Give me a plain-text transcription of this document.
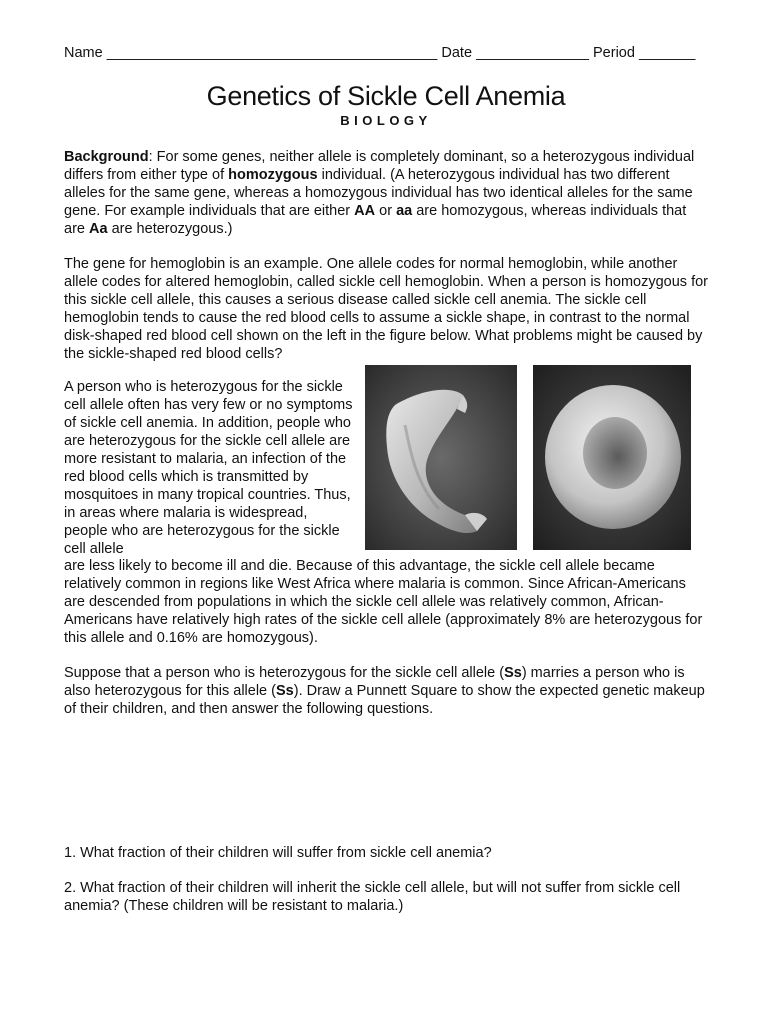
Name _________________________________________ Date ______________ Period _______
Genetics of Sickle Cell Anemia
BIOLOGY

Background: For some genes, neither allele is completely dominant, so a heterozygous individual differs from either type of homozygous individual. (A heterozygous individual has two different alleles for the same gene, whereas a homozygous individual has two identical alleles for the same gene. For example individuals that are either AA or aa are homozygous, whereas individuals that are Aa are heterozygous.)

The gene for hemoglobin is an example. One allele codes for normal hemoglobin, while another allele codes for altered hemoglobin, called sickle cell hemoglobin. When a person is homozygous for this sickle cell allele, this causes a serious disease called sickle cell anemia. The sickle cell hemoglobin tends to cause the red blood cells to assume a sickle shape, in contrast to the normal disk-shaped red blood cell shown on the left in the figure below. What problems might be caused by the sickle-shaped red blood cells?

A person who is heterozygous for the sickle cell allele often has very few or no symptoms of sickle cell anemia. In addition, people who are heterozygous for the sickle cell allele are more resistant to malaria, an infection of the red blood cells which is transmitted by mosquitoes in many tropical countries. Thus, in areas where malaria is widespread, people who are heterozygous for the sickle cell allele

are less likely to become ill and die. Because of this advantage, the sickle cell allele became relatively common in regions like West Africa where malaria is common. Since African-Americans are descended from populations in which the sickle cell allele was relatively common, African-Americans have relatively high rates of the sickle cell allele (approximately 8% are heterozygous for this allele and 0.16% are homozygous).

Suppose that a person who is heterozygous for the sickle cell allele (Ss) marries a person who is also heterozygous for this allele (Ss). Draw a Punnett Square to show the expected genetic makeup of their children, and then answer the following questions.

1. What fraction of their children will suffer from sickle cell anemia?

2. What fraction of their children will inherit the sickle cell allele, but will not suffer from sickle cell anemia? (These children will be resistant to malaria.)
